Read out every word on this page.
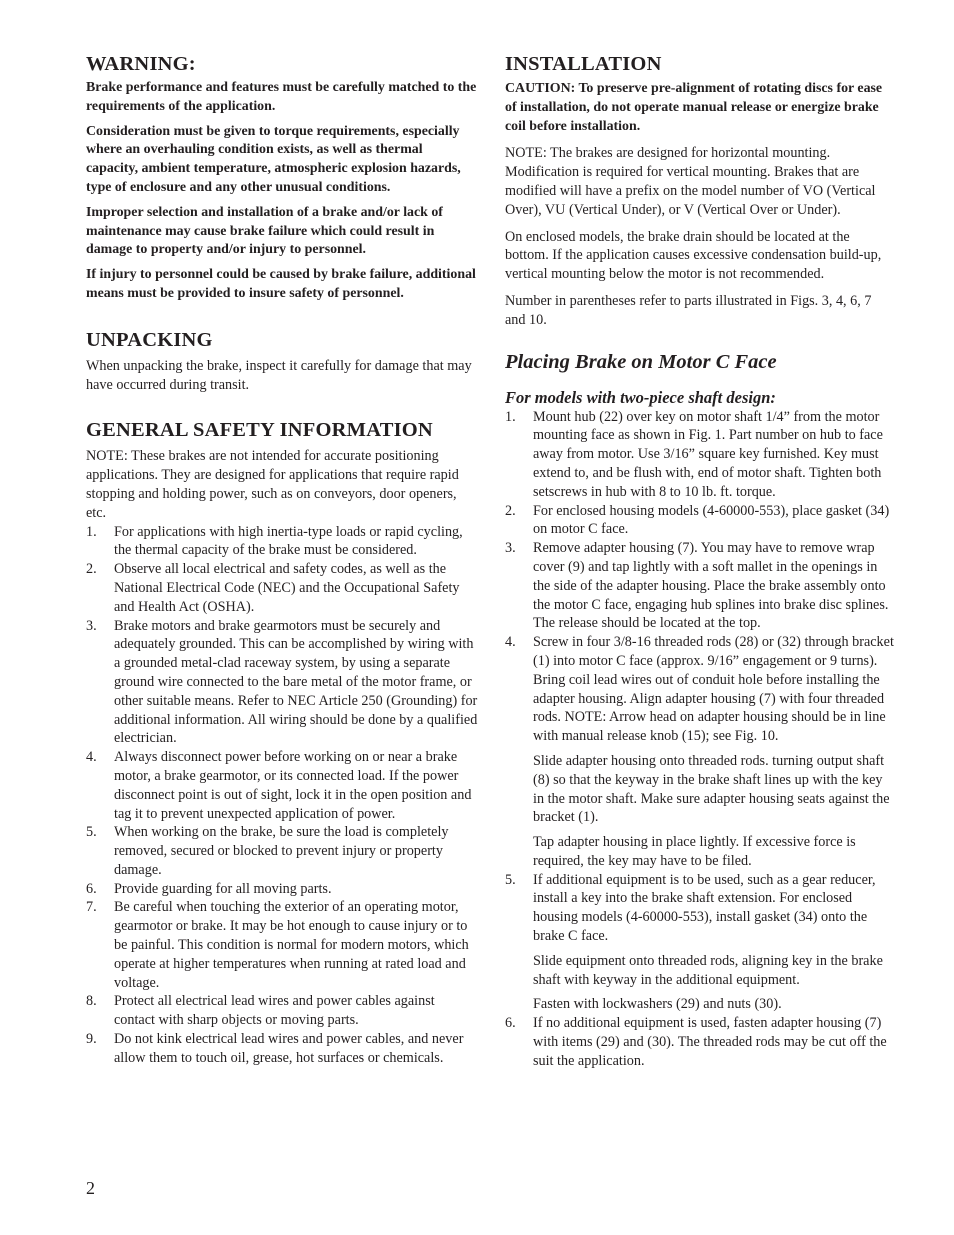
WARNING:

Brake performance and features must be carefully matched to the requirements of the application.

Consideration must be given to torque requirements, especially where an overhauling condition exists, as well as thermal capacity, ambient temperature, atmospheric explosion hazards, type of enclosure and any other unusual conditions.

Improper selection and installation of a brake and/or lack of maintenance may cause brake failure which could result in damage to property and/or injury to personnel.

If injury to personnel could be caused by brake failure, additional means must be provided to insure safety of personnel.

UNPACKING

When unpacking the brake, inspect it carefully for damage that may have occurred during transit.

GENERAL SAFETY INFORMATION

NOTE: These brakes are not intended for accurate positioning applications. They are designed for applications that require rapid stopping and holding power, such as on conveyors, door openers, etc.

1. For applications with high inertia-type loads or rapid cycling, the thermal capacity of the brake must be considered.
2. Observe all local electrical and safety codes, as well as the National Electrical Code (NEC) and the Occupational Safety and Health Act (OSHA).
3. Brake motors and brake gearmotors must be securely and adequately grounded. This can be accomplished by wiring with a grounded metal-clad raceway system, by using a separate ground wire connected to the bare metal of the motor frame, or other suitable means. Refer to NEC Article 250 (Grounding) for additional information. All wiring should be done by a qualified electrician.
4. Always disconnect power before working on or near a brake motor, a brake gearmotor, or its connected load. If the power disconnect point is out of sight, lock it in the open position and tag it to prevent unexpected application of power.
5. When working on the brake, be sure the load is completely removed, secured or blocked to prevent injury or property damage.
6. Provide guarding for all moving parts.
7. Be careful when touching the exterior of an operating motor, gearmotor or brake. It may be hot enough to cause injury or to be painful. This condition is normal for modern motors, which operate at higher temperatures when running at rated load and voltage.
8. Protect all electrical lead wires and power cables against contact with sharp objects or moving parts.
9. Do not kink electrical lead wires and power cables, and never allow them to touch oil, grease, hot surfaces or chemicals.
INSTALLATION

CAUTION: To preserve pre-alignment of rotating discs for ease of installation, do not operate manual release or energize brake coil before installation.

NOTE: The brakes are designed for horizontal mounting. Modification is required for vertical mounting. Brakes that are modified will have a prefix on the model number of VO (Vertical Over), VU (Vertical Under), or V (Vertical Over or Under).

On enclosed models, the brake drain should be located at the bottom. If the application causes excessive condensation build-up, vertical mounting below the motor is not recommended.

Number in parentheses refer to parts illustrated in Figs. 3, 4, 6, 7 and 10.

Placing Brake on Motor C Face
For models with two-piece shaft design:
1. Mount hub (22) over key on motor shaft 1/4” from the motor mounting face as shown in Fig. 1. Part number on hub to face away from motor. Use 3/16” square key furnished. Key must extend to, and be flush with, end of motor shaft. Tighten both setscrews in hub with 8 to 10 lb. ft. torque.
2. For enclosed housing models (4-60000-553), place gasket (34) on motor C face.
3. Remove adapter housing (7). You may have to remove wrap cover (9) and tap lightly with a soft mallet in the openings in the side of the adapter housing. Place the brake assembly onto the motor C face, engaging hub splines into brake disc splines.
The release should be located at the top.
4. Screw in four 3/8-16 threaded rods (28) or (32) through bracket (1) into motor C face (approx. 9/16” engagement or 9 turns). Bring coil lead wires out of conduit hole before installing the adapter housing. Align adapter housing (7) with four threaded rods. NOTE: Arrow head on adapter housing should be in line with manual release knob (15); see Fig. 10.
Slide adapter housing onto threaded rods. turning output shaft (8) so that the keyway in the brake shaft lines up with the key in the motor shaft. Make sure adapter housing seats against the bracket (1).
Tap adapter housing in place lightly. If excessive force is required, the key may have to be filed.
5. If additional equipment is to be used, such as a gear reducer, install a key into the brake shaft extension. For enclosed housing models (4-60000-553), install gasket (34) onto the brake C face.
Slide equipment onto threaded rods, aligning key in the brake shaft with keyway in the additional equipment.
Fasten with lockwashers (29) and nuts (30).
6. If no additional equipment is used, fasten adapter housing (7) with items (29) and (30). The threaded rods may be cut off the suit the application.
2
